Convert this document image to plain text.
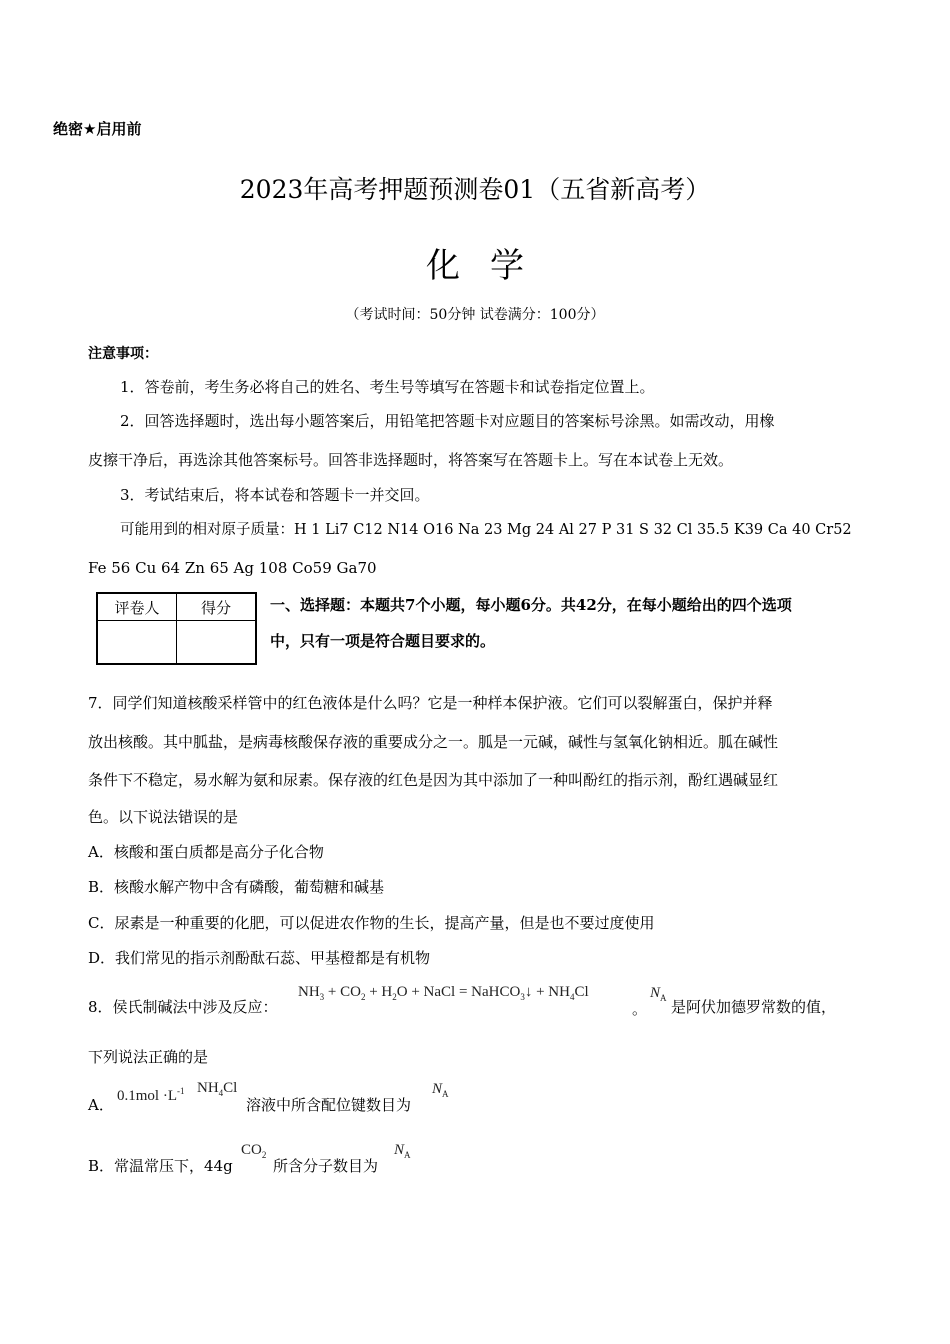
绝密★启用前
2023年高考押题预测卷01（五省新高考）
化学
（考试时间：50分钟 试卷满分：100分）
注意事项：
1．答卷前，考生务必将自己的姓名、考生号等填写在答题卡和试卷指定位置上。
2．回答选择题时，选出每小题答案后，用铅笔把答题卡对应题目的答案标号涂黑。如需改动，用橡
皮擦干净后，再选涂其他答案标号。回答非选择题时，将答案写在答题卡上。写在本试卷上无效。
3．考试结束后，将本试卷和答题卡一并交回。
可能用到的相对原子质量：H 1 Li7 C12 N14 O16 Na 23 Mg 24 Al 27 P 31 S 32 Cl 35.5 K39 Ca 40 Cr52
Fe 56 Cu 64 Zn 65 Ag 108 Co59 Ga70
评卷人	得分
		一、选择题：本题共7个小题，每小题6分。共42分，在每小题给出的四个选项
中，只有一项是符合题目要求的。
7．同学们知道核酸采样管中的红色液体是什么吗？它是一种样本保护液。它们可以裂解蛋白，保护并释
放出核酸。其中胍盐，是病毒核酸保存液的重要成分之一。胍是一元碱，碱性与氢氧化钠相近。胍在碱性
条件下不稳定，易水解为氨和尿素。保存液的红色是因为其中添加了一种叫酚红的指示剂，酚红遇碱显红
色。以下说法错误的是
A．核酸和蛋白质都是高分子化合物
B．核酸水解产物中含有磷酸，葡萄糖和碱基
C．尿素是一种重要的化肥，可以促进农作物的生长，提高产量，但是也不要过度使用
D．我们常见的指示剂酚酞石蕊、甲基橙都是有机物
8．侯氏制碱法中涉及反应：
$NH_3 + CO_2 + H_2O$ + NaCl = NaHCO$_3$↓ + $NH_4Cl$
。
$N_A$ 是阿伏加德罗常数的值，
下列说法正确的是
A． $0.1mol \cdot L^{-1}$ $NH_4Cl$
溶液中所含配位键数目为
$N_A$
B．常温常压下，44g
$CO_2$
所含分子数目为
$N_A$
